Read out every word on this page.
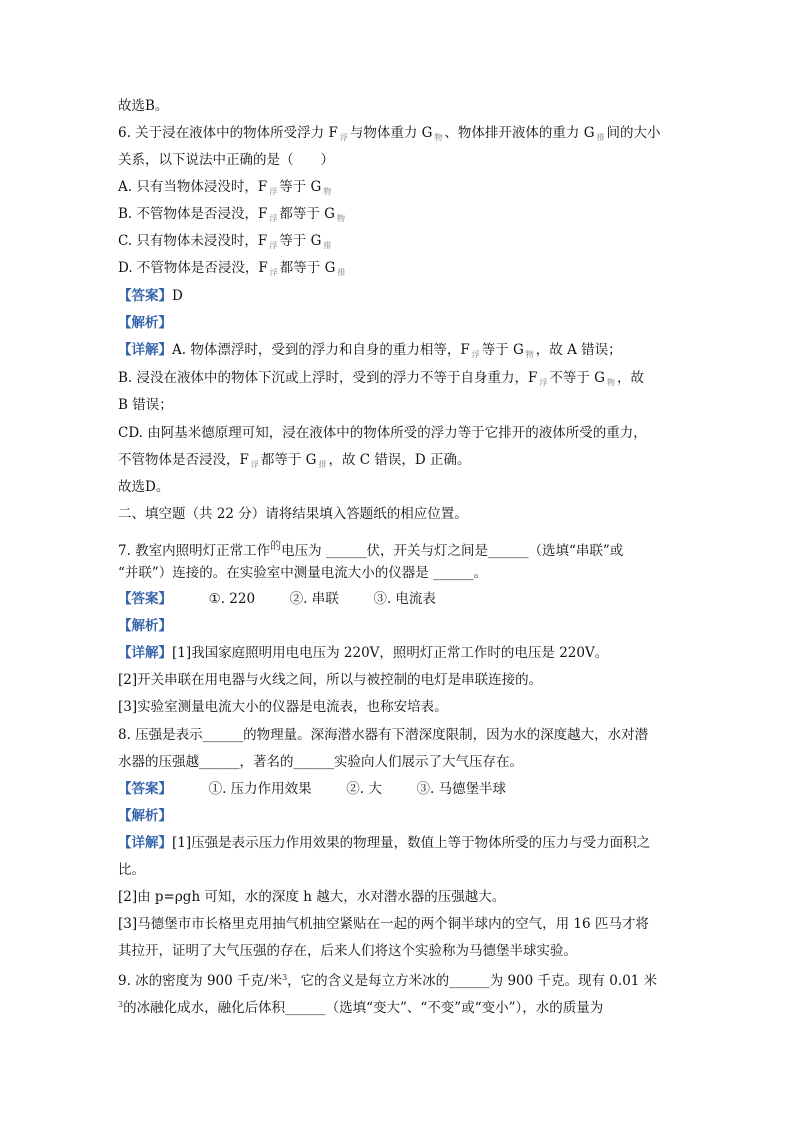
故选B。
6. 关于浸在液体中的物体所受浮力 F $_浮$ 与物体重力 G $_物$ 、物体排开液体的重力 G $_排$ 间的大小
关系，以下说法中正确的是（　　）
A. 只有当物体浸没时，F $_浮$ 等于 G $_物$
B. 不管物体是否浸没，F $_浮$ 都等于 G $_物$
C. 只有物体未浸没时，F $_浮$ 等于 G $_排$
D. 不管物体是否浸没，F $_浮$ 都等于 G $_排$
【答案】D
【解析】
【详解】A. 物体漂浮时，受到的浮力和自身的重力相等，F $_浮$ 等于 G $_物$ ，故 A 错误；
B. 浸没在液体中的物体下沉或上浮时，受到的浮力不等于自身重力，F $_浮$ 不等于 G $_物$ ，故
B 错误；
CD. 由阿基米德原理可知，浸在液体中的物体所受的浮力等于它排开的液体所受的重力，
不管物体是否浸没，F $_浮$ 都等于 G $_排$ ，故 C 错误，D 正确。
故选D。
二、填空题（共 22 分）请将结果填入答题纸的相应位置。
7. 教室内照明灯正常工作$^的$电压为 ______伏，开关与灯之间是______（选填“串联”或
“并联”）连接的。在实验室中测量电流大小的仪器是 ______。
【答案】	①. 220	②. 串联	③. 电流表
【解析】
【详解】[1]我国家庭照明用电电压为 220V，照明灯正常工作时的电压是 220V。
[2]开关串联在用电器与火线之间，所以与被控制的电灯是串联连接的。
[3]实验室测量电流大小的仪器是电流表，也称安培表。
8. 压强是表示______的物理量。深海潜水器有下潜深度限制，因为水的深度越大，水对潜
水器的压强越______，著名的______实验向人们展示了大气压存在。
【答案】	①. 压力作用效果	②. 大	③. 马德堡半球
【解析】
【详解】[1]压强是表示压力作用效果的物理量，数值上等于物体所受的压力与受力面积之
比。
[2]由 p=ρgh 可知，水的深度 h 越大，水对潜水器的压强越大。
[3]马德堡市市长格里克用抽气机抽空紧贴在一起的两个铜半球内的空气，用 16 匹马才将
其拉开，证明了大气压强的存在，后来人们将这个实验称为马德堡半球实验。
9. 冰的密度为 900 千克/米$^3$，它的含义是每立方米冰的______为 900 千克。现有 0.01 米
$^3$的冰融化成水，融化后体积______（选填“变大”、“不变”或“变小”），水的质量为
